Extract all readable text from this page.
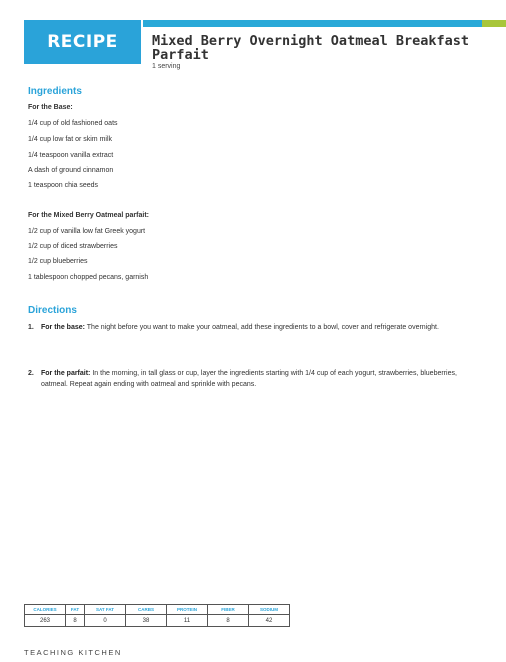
RECIPE	Mixed Berry Overnight Oatmeal Breakfast Parfait
1 serving
Ingredients
For the Base:
1/4 cup of old fashioned oats
1/4 cup low fat or skim milk
1/4 teaspoon vanilla extract
A dash of ground cinnamon
1 teaspoon chia seeds
For the Mixed Berry Oatmeal parfait:
1/2 cup of vanilla low fat Greek yogurt
1/2 cup of diced strawberries
1/2 cup blueberries
1 tablespoon chopped pecans, garnish
Directions
1. For the base: The night before you want to make your oatmeal, add these ingredients to a bowl, cover and refrigerate overnight.
2. For the parfait: In the morning, in tall glass or cup, layer the ingredients starting with 1/4 cup of each yogurt, strawberries, blueberries, oatmeal. Repeat again ending with oatmeal and sprinkle with pecans.
CALORIES	FAT	SAT FAT	CARBS	PROTEIN	FIBER	SODIUM
263	8	0	38	11	8	42
TEACHING KITCHEN
